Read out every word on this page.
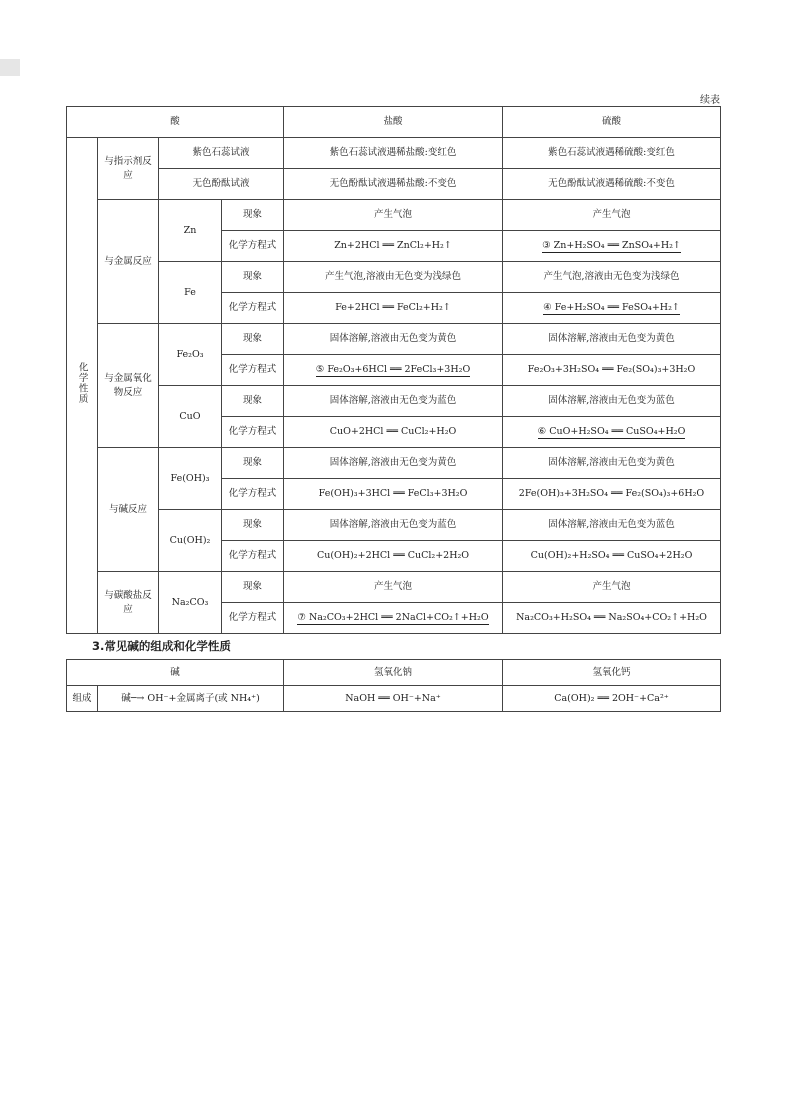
续表
酸				盐酸	硫酸
化学性质	与指示剂反应	紫色石蕊试液		紫色石蕊试液遇稀盐酸:变红色	紫色石蕊试液遇稀硫酸:变红色
		无色酚酞试液		无色酚酞试液遇稀盐酸:不变色	无色酚酞试液遇稀硫酸:不变色
	与金属反应	Zn	现象	产生气泡	产生气泡
			化学方程式	Zn+2HCl ══ ZnCl₂+H₂↑	③ Zn+H₂SO₄ ══ ZnSO₄+H₂↑
		Fe	现象	产生气泡,溶液由无色变为浅绿色	产生气泡,溶液由无色变为浅绿色
			化学方程式	Fe+2HCl ══ FeCl₂+H₂↑	④ Fe+H₂SO₄ ══ FeSO₄+H₂↑
	与金属氧化物反应	Fe₂O₃	现象	固体溶解,溶液由无色变为黄色	固体溶解,溶液由无色变为黄色
			化学方程式	⑤ Fe₂O₃+6HCl ══ 2FeCl₃+3H₂O	Fe₂O₃+3H₂SO₄ ══ Fe₂(SO₄)₃+3H₂O
		CuO	现象	固体溶解,溶液由无色变为蓝色	固体溶解,溶液由无色变为蓝色
			化学方程式	CuO+2HCl ══ CuCl₂+H₂O	⑥ CuO+H₂SO₄ ══ CuSO₄+H₂O
	与碱反应	Fe(OH)₃	现象	固体溶解,溶液由无色变为黄色	固体溶解,溶液由无色变为黄色
			化学方程式	Fe(OH)₃+3HCl ══ FeCl₃+3H₂O	2Fe(OH)₃+3H₂SO₄ ══ Fe₂(SO₄)₃+6H₂O
		Cu(OH)₂	现象	固体溶解,溶液由无色变为蓝色	固体溶解,溶液由无色变为蓝色
			化学方程式	Cu(OH)₂+2HCl ══ CuCl₂+2H₂O	Cu(OH)₂+H₂SO₄ ══ CuSO₄+2H₂O
	与碳酸盐反应	Na₂CO₃	现象	产生气泡	产生气泡
			化学方程式	⑦ Na₂CO₃+2HCl ══ 2NaCl+CO₂↑+H₂O	Na₂CO₃+H₂SO₄ ══ Na₂SO₄+CO₂↑+H₂O
3.常见碱的组成和化学性质
碱		氢氧化钠	氢氧化钙
组成	碱─→ OH⁻+金属离子(或 NH₄⁺)	NaOH ══ OH⁻+Na⁺	Ca(OH)₂ ══ 2OH⁻+Ca²⁺
